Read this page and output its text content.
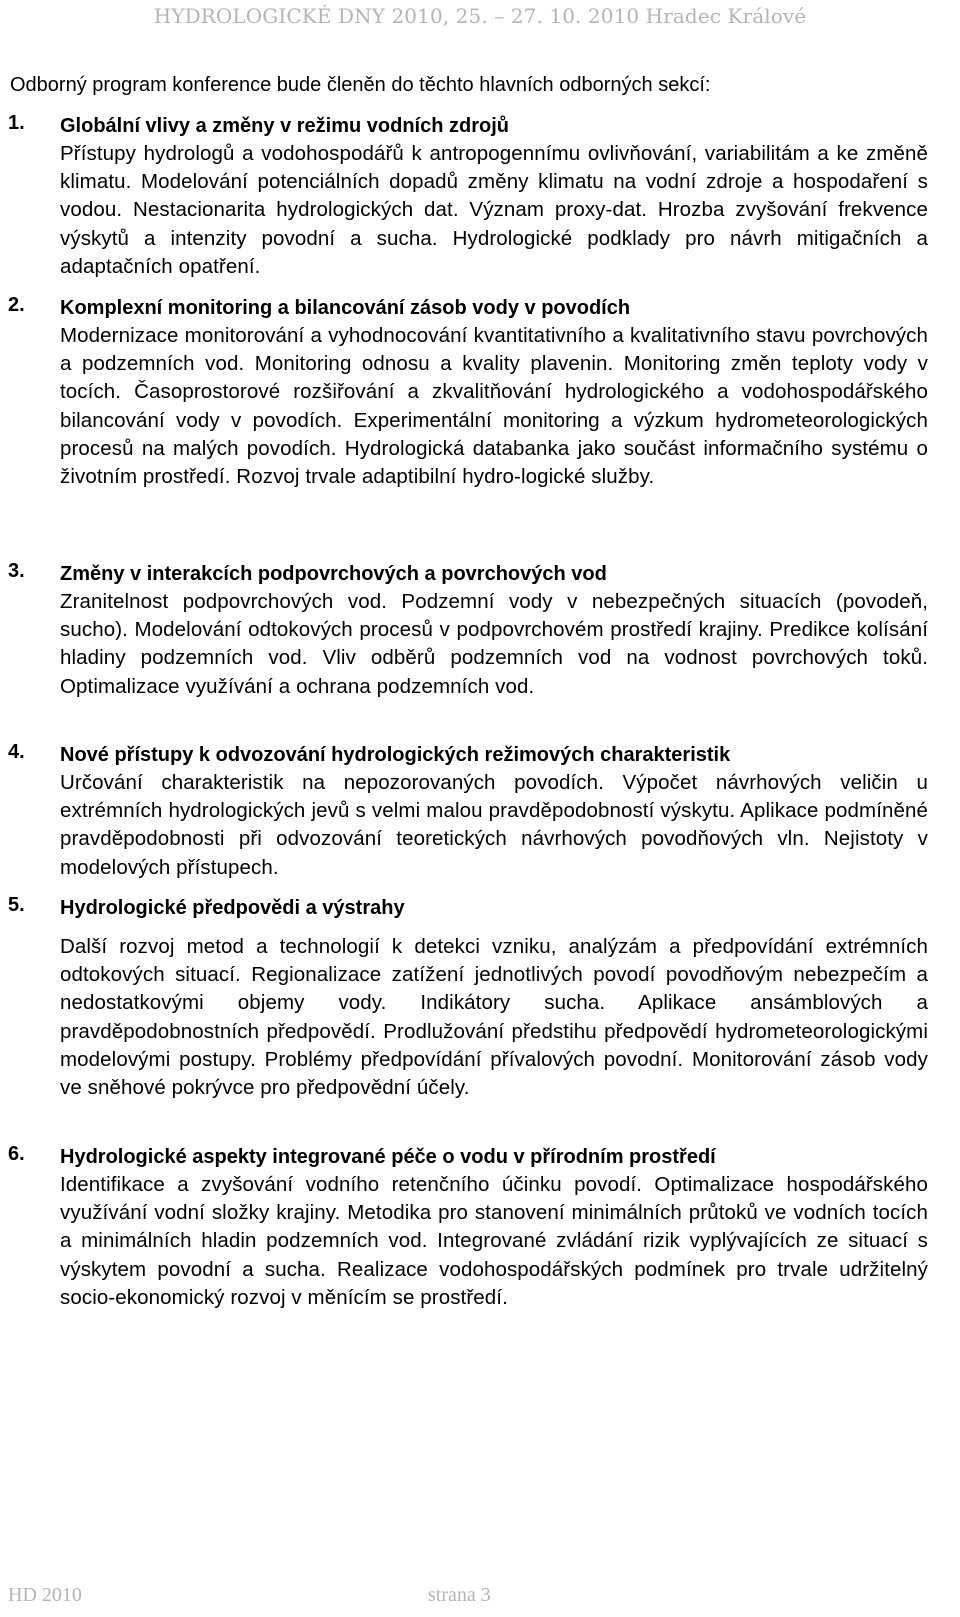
HYDROLOGICKÉ DNY 2010, 25. – 27. 10. 2010 Hradec Králové
Odborný program konference bude členěn do těchto hlavních odborných sekcí:
1. Globální vlivy a změny v režimu vodních zdrojů
Přístupy hydrologů a vodohospodářů k antropogennímu ovlivňování, variabilitám a ke změně klimatu. Modelování potenciálních dopadů změny klimatu na vodní zdroje a hospodaření s vodou. Nestacionarita hydrologických dat. Význam proxy-dat. Hrozba zvyšování frekvence výskytů a intenzity povodní a sucha. Hydrologické podklady pro návrh mitigačních a adaptačních opatření.
2. Komplexní monitoring a bilancování zásob vody v povodích
Modernizace monitorování a vyhodnocování kvantitativního a kvalitativního stavu povrchových a podzemních vod. Monitoring odnosu a kvality plavenin. Monitoring změn teploty vody v tocích. Časoprostorové rozšiřování a zkvalitňování hydrologického a vodohospodářského bilancování vody v povodích. Experimentální monitoring a výzkum hydrometeorologických procesů na malých povodích. Hydrologická databanka jako součást informačního systému o životním prostředí. Rozvoj trvale adaptibilní hydro-logické služby.
3. Změny v interakcích podpovrchových a povrchových vod
Zranitelnost podpovrchových vod. Podzemní vody v nebezpečných situacích (povodeň, sucho). Modelování odtokových procesů v podpovrchovém prostředí krajiny. Predikce kolísání hladiny podzemních vod. Vliv odběrů podzemních vod na vodnost povrchových toků. Optimalizace využívání a ochrana podzemních vod.
4. Nové přístupy k odvozování hydrologických režimových charakteristik
Určování charakteristik na nepozorovaných povodích. Výpočet návrhových veličin u extrémních hydrologických jevů s velmi malou pravděpodobností výskytu. Aplikace podmíněné pravděpodobnosti při odvozování teoretických návrhových povodňových vln. Nejistoty v modelových přístupech.
5. Hydrologické předpovědi a výstrahy
Další rozvoj metod a technologií k detekci vzniku, analýzám a předpovídání extrémních odtokových situací. Regionalizace zatížení jednotlivých povodí povodňovým nebezpečím a nedostatkovými objemy vody. Indikátory sucha. Aplikace ansámblových a pravděpodobnostních předpovědí. Prodlužování předstihu předpovědí hydrometeorologickými modelovými postupy. Problémy předpovídání přívalových povodní. Monitorování zásob vody ve sněhové pokrývce pro předpovědní účely.
6. Hydrologické aspekty integrované péče o vodu v přírodním prostředí
Identifikace a zvyšování vodního retenčního účinku povodí. Optimalizace hospodářského využívání vodní složky krajiny. Metodika pro stanovení minimálních průtoků ve vodních tocích a minimálních hladin podzemních vod. Integrované zvládání rizik vyplývajících ze situací s výskytem povodní a sucha. Realizace vodohospodářských podmínek pro trvale udržitelný socio-ekonomický rozvoj v měnícím se prostředí.
HD 2010	strana 3
